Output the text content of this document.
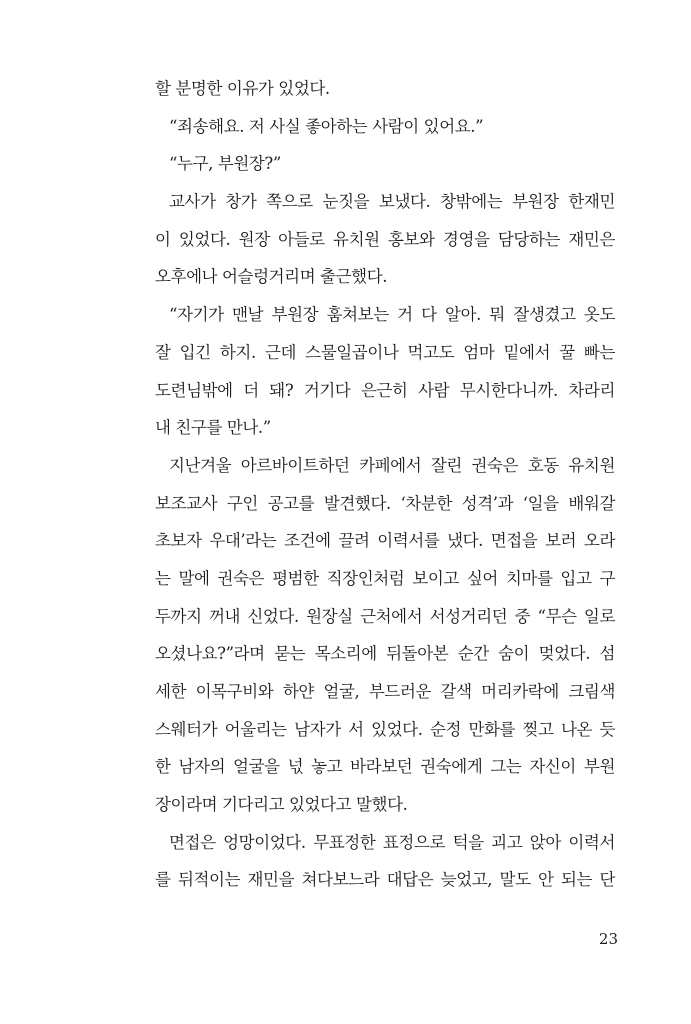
할 분명한 이유가 있었다.
“죄송해요. 저 사실 좋아하는 사람이 있어요.”
“누구, 부원장?”
교사가 창가 쪽으로 눈짓을 보냈다. 창밖에는 부원장 한재민
이 있었다. 원장 아들로 유치원 홍보와 경영을 담당하는 재민은
오후에나 어슬렁거리며 출근했다.
“자기가 맨날 부원장 훔쳐보는 거 다 알아. 뭐 잘생겼고 옷도
잘 입긴 하지. 근데 스물일곱이나 먹고도 엄마 밑에서 꿀 빠는
도련님밖에 더 돼? 거기다 은근히 사람 무시한다니까. 차라리
내 친구를 만나.”
지난겨울 아르바이트하던 카페에서 잘린 권숙은 호동 유치원
보조교사 구인 공고를 발견했다. ‘차분한 성격’과 ‘일을 배워갈
초보자 우대’라는 조건에 끌려 이력서를 냈다. 면접을 보러 오라
는 말에 권숙은 평범한 직장인처럼 보이고 싶어 치마를 입고 구
두까지 꺼내 신었다. 원장실 근처에서 서성거리던 중 “무슨 일로
오셨나요?”라며 묻는 목소리에 뒤돌아본 순간 숨이 멎었다. 섬
세한 이목구비와 하얀 얼굴, 부드러운 갈색 머리카락에 크림색
스웨터가 어울리는 남자가 서 있었다. 순정 만화를 찢고 나온 듯
한 남자의 얼굴을 넋 놓고 바라보던 권숙에게 그는 자신이 부원
장이라며 기다리고 있었다고 말했다.
면접은 엉망이었다. 무표정한 표정으로 턱을 괴고 앉아 이력서
를 뒤적이는 재민을 쳐다보느라 대답은 늦었고, 말도 안 되는 단
23
